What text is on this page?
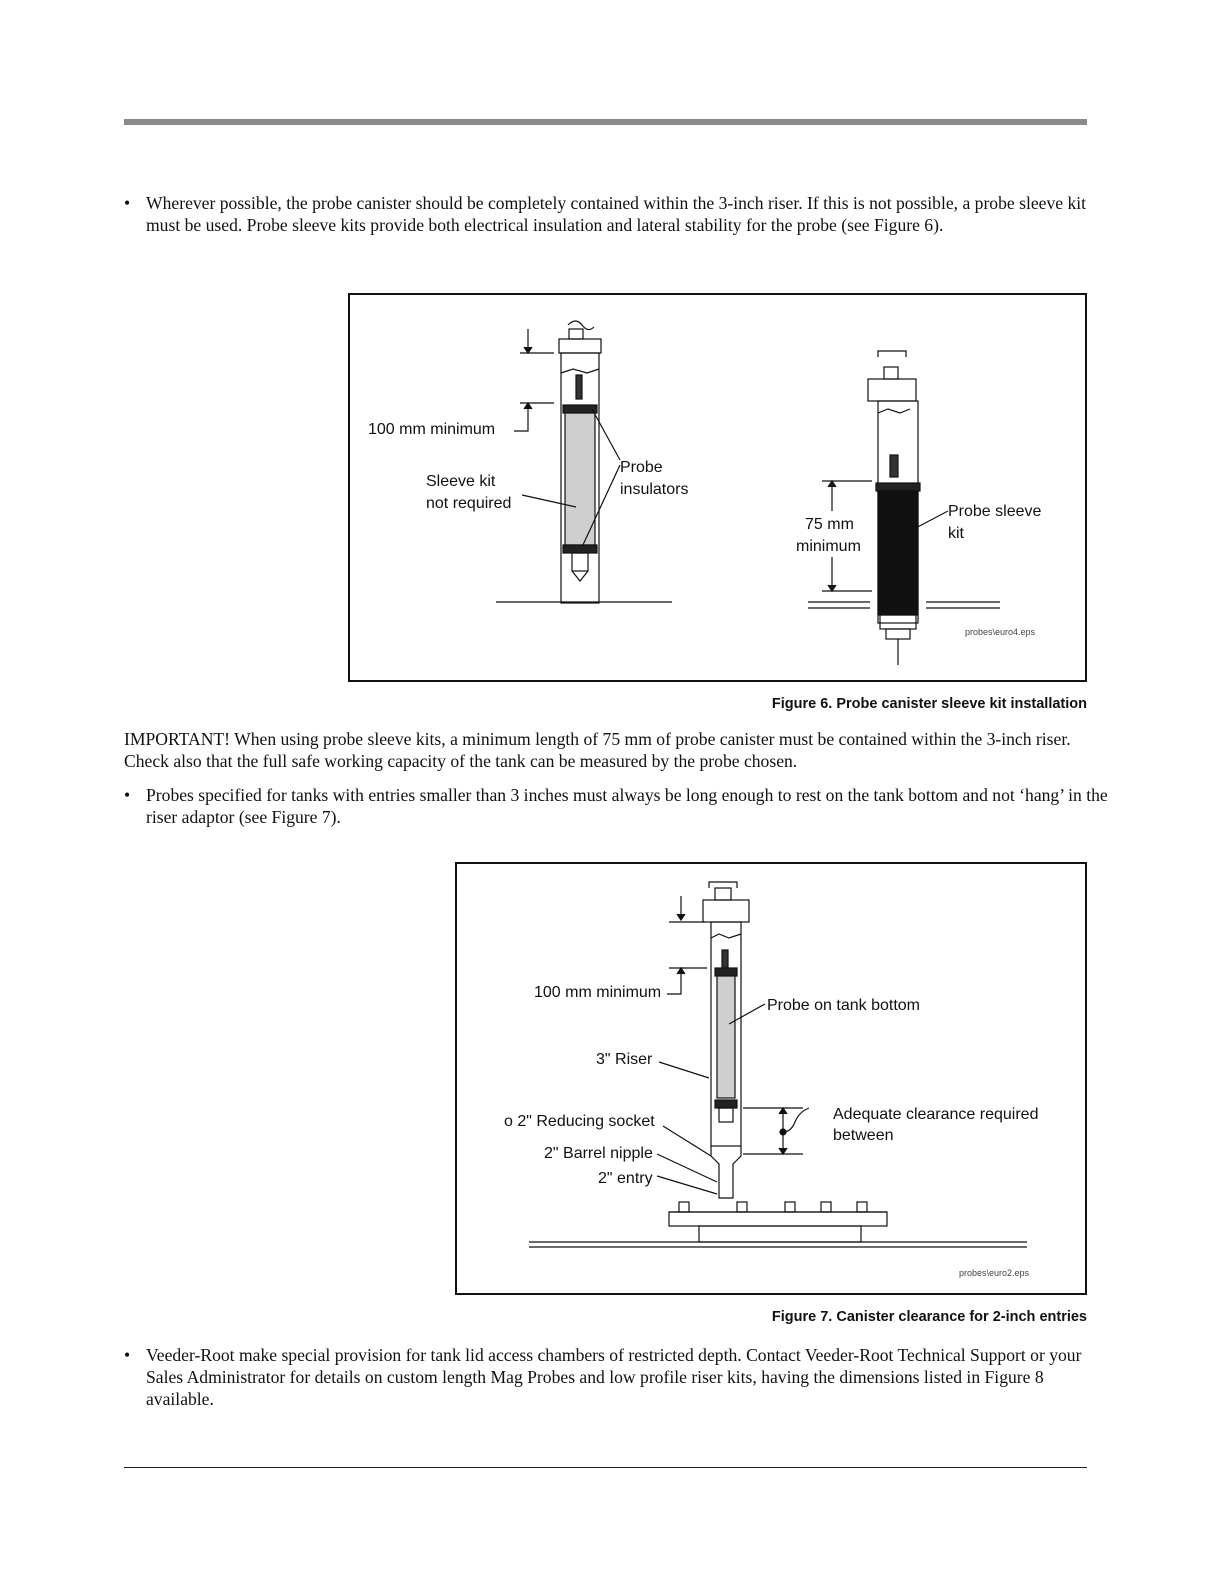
• Wherever possible, the probe canister should be completely contained within the 3-inch riser. If this is not possible, a probe sleeve kit must be used. Probe sleeve kits provide both electrical insulation and lateral stability for the probe (see Figure 6).

100 mm minimum
Sleeve kit
not required
Probe
insulators
75 mm
minimum
Probe sleeve
kit
probes\euro4.eps
Figure 6. Probe canister sleeve kit installation

IMPORTANT! When using probe sleeve kits, a minimum length of 75 mm of probe canister must be contained within the 3-inch riser. Check also that the full safe working capacity of the tank can be measured by the probe chosen.

• Probes specified for tanks with entries smaller than 3 inches must always be long enough to rest on the tank bottom and not ‘hang’ in the riser adaptor (see Figure 7).

100 mm minimum
Probe on tank bottom
3" Riser
o 2" Reducing socket
2" Barrel nipple
2" entry
Adequate clearance required
between
probes\euro2.eps
Figure 7. Canister clearance for 2-inch entries

• Veeder-Root make special provision for tank lid access chambers of restricted depth. Contact Veeder-Root Technical Support or your Sales Administrator for details on custom length Mag Probes and low profile riser kits, having the dimensions listed in Figure 8 available.
